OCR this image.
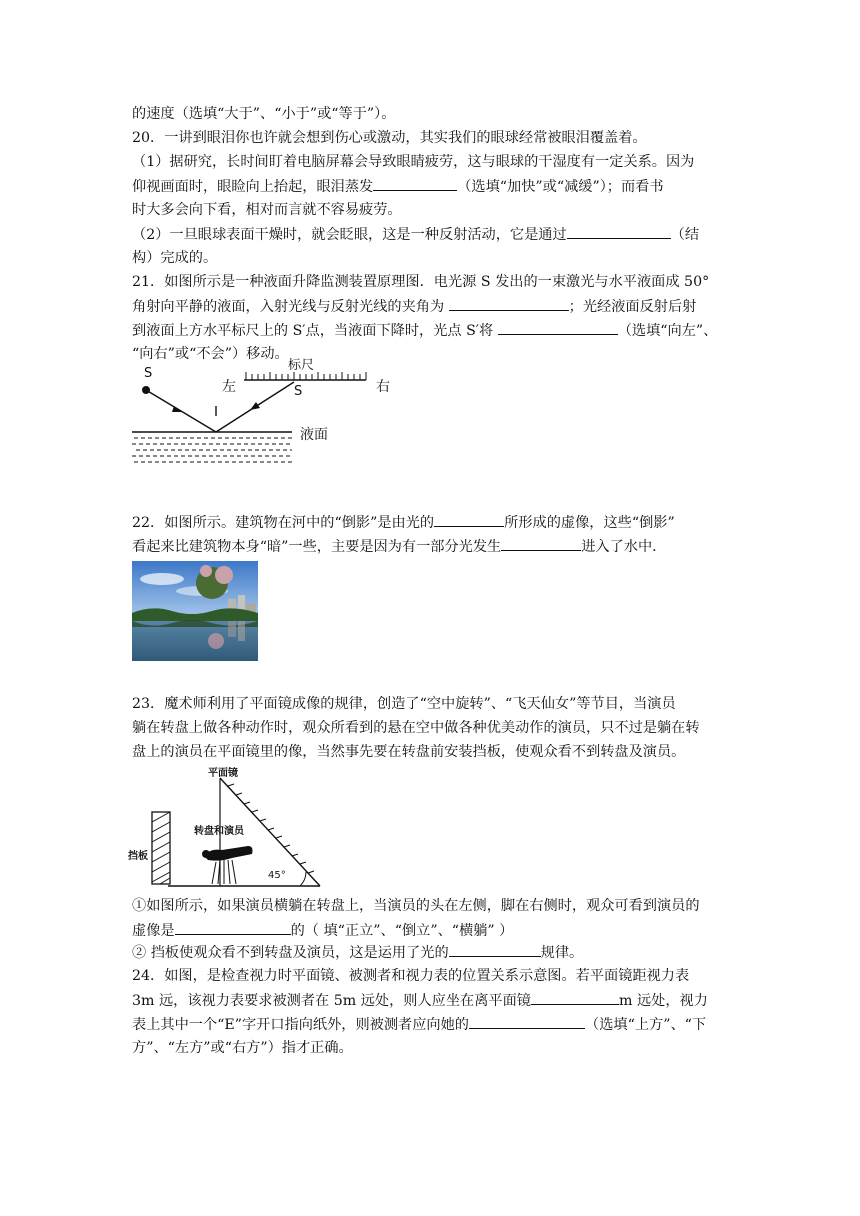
的速度（选填“大于”、“小于”或“等于”）。
20．一讲到眼泪你也许就会想到伤心或激动，其实我们的眼球经常被眼泪覆盖着。
（1）据研究，长时间盯着电脑屏幕会导致眼睛疲劳，这与眼球的干湿度有一定关系。因为
仰视画面时，眼睑向上抬起，眼泪蒸发	（选填“加快”或“减缓”）；而看书
时大多会向下看，相对而言就不容易疲劳。
（2）一旦眼球表面干燥时，就会眨眼，这是一种反射活动，它是通过	（结
构）完成的。
21．如图所示是一种液面升降监测装置原理图．电光源 S 发出的一束激光与水平液面成 50°
角射向平静的液面，入射光线与反射光线的夹角为	；光经液面反射后射
到液面上方水平标尺上的 S′点，当液面下降时，光点 S′将	（选填“向左”、
“向右”或“不会”）移动。
S
左
标尺
右
S
液面
22．如图所示。建筑物在河中的“倒影”是由光的	所形成的虚像，这些“倒影”
看起来比建筑物本身“暗”一些，主要是因为有一部分光发生	进入了水中．
23．魔术师利用了平面镜成像的规律，创造了“空中旋转”、“飞天仙女”等节目，当演员
躺在转盘上做各种动作时，观众所看到的悬在空中做各种优美动作的演员，只不过是躺在转
盘上的演员在平面镜里的像，当然事先要在转盘前安装挡板，使观众看不到转盘及演员。
平面镜
转盘和演员
挡板
45°
①如图所示，如果演员横躺在转盘上，当演员的头在左侧，脚在右侧时，观众可看到演员的
虚像是	的（ 填“正立”、“倒立”、“横躺” ）
② 挡板使观众看不到转盘及演员，这是运用了光的	规律。
24．如图，是检查视力时平面镜、被测者和视力表的位置关系示意图。若平面镜距视力表
3m 远，该视力表要求被测者在 5m 远处，则人应坐在离平面镜	m 远处，视力
表上其中一个“E”字开口指向纸外，则被测者应向她的	（选填“上方”、“下
方”、“左方”或“右方”）指才正确。
